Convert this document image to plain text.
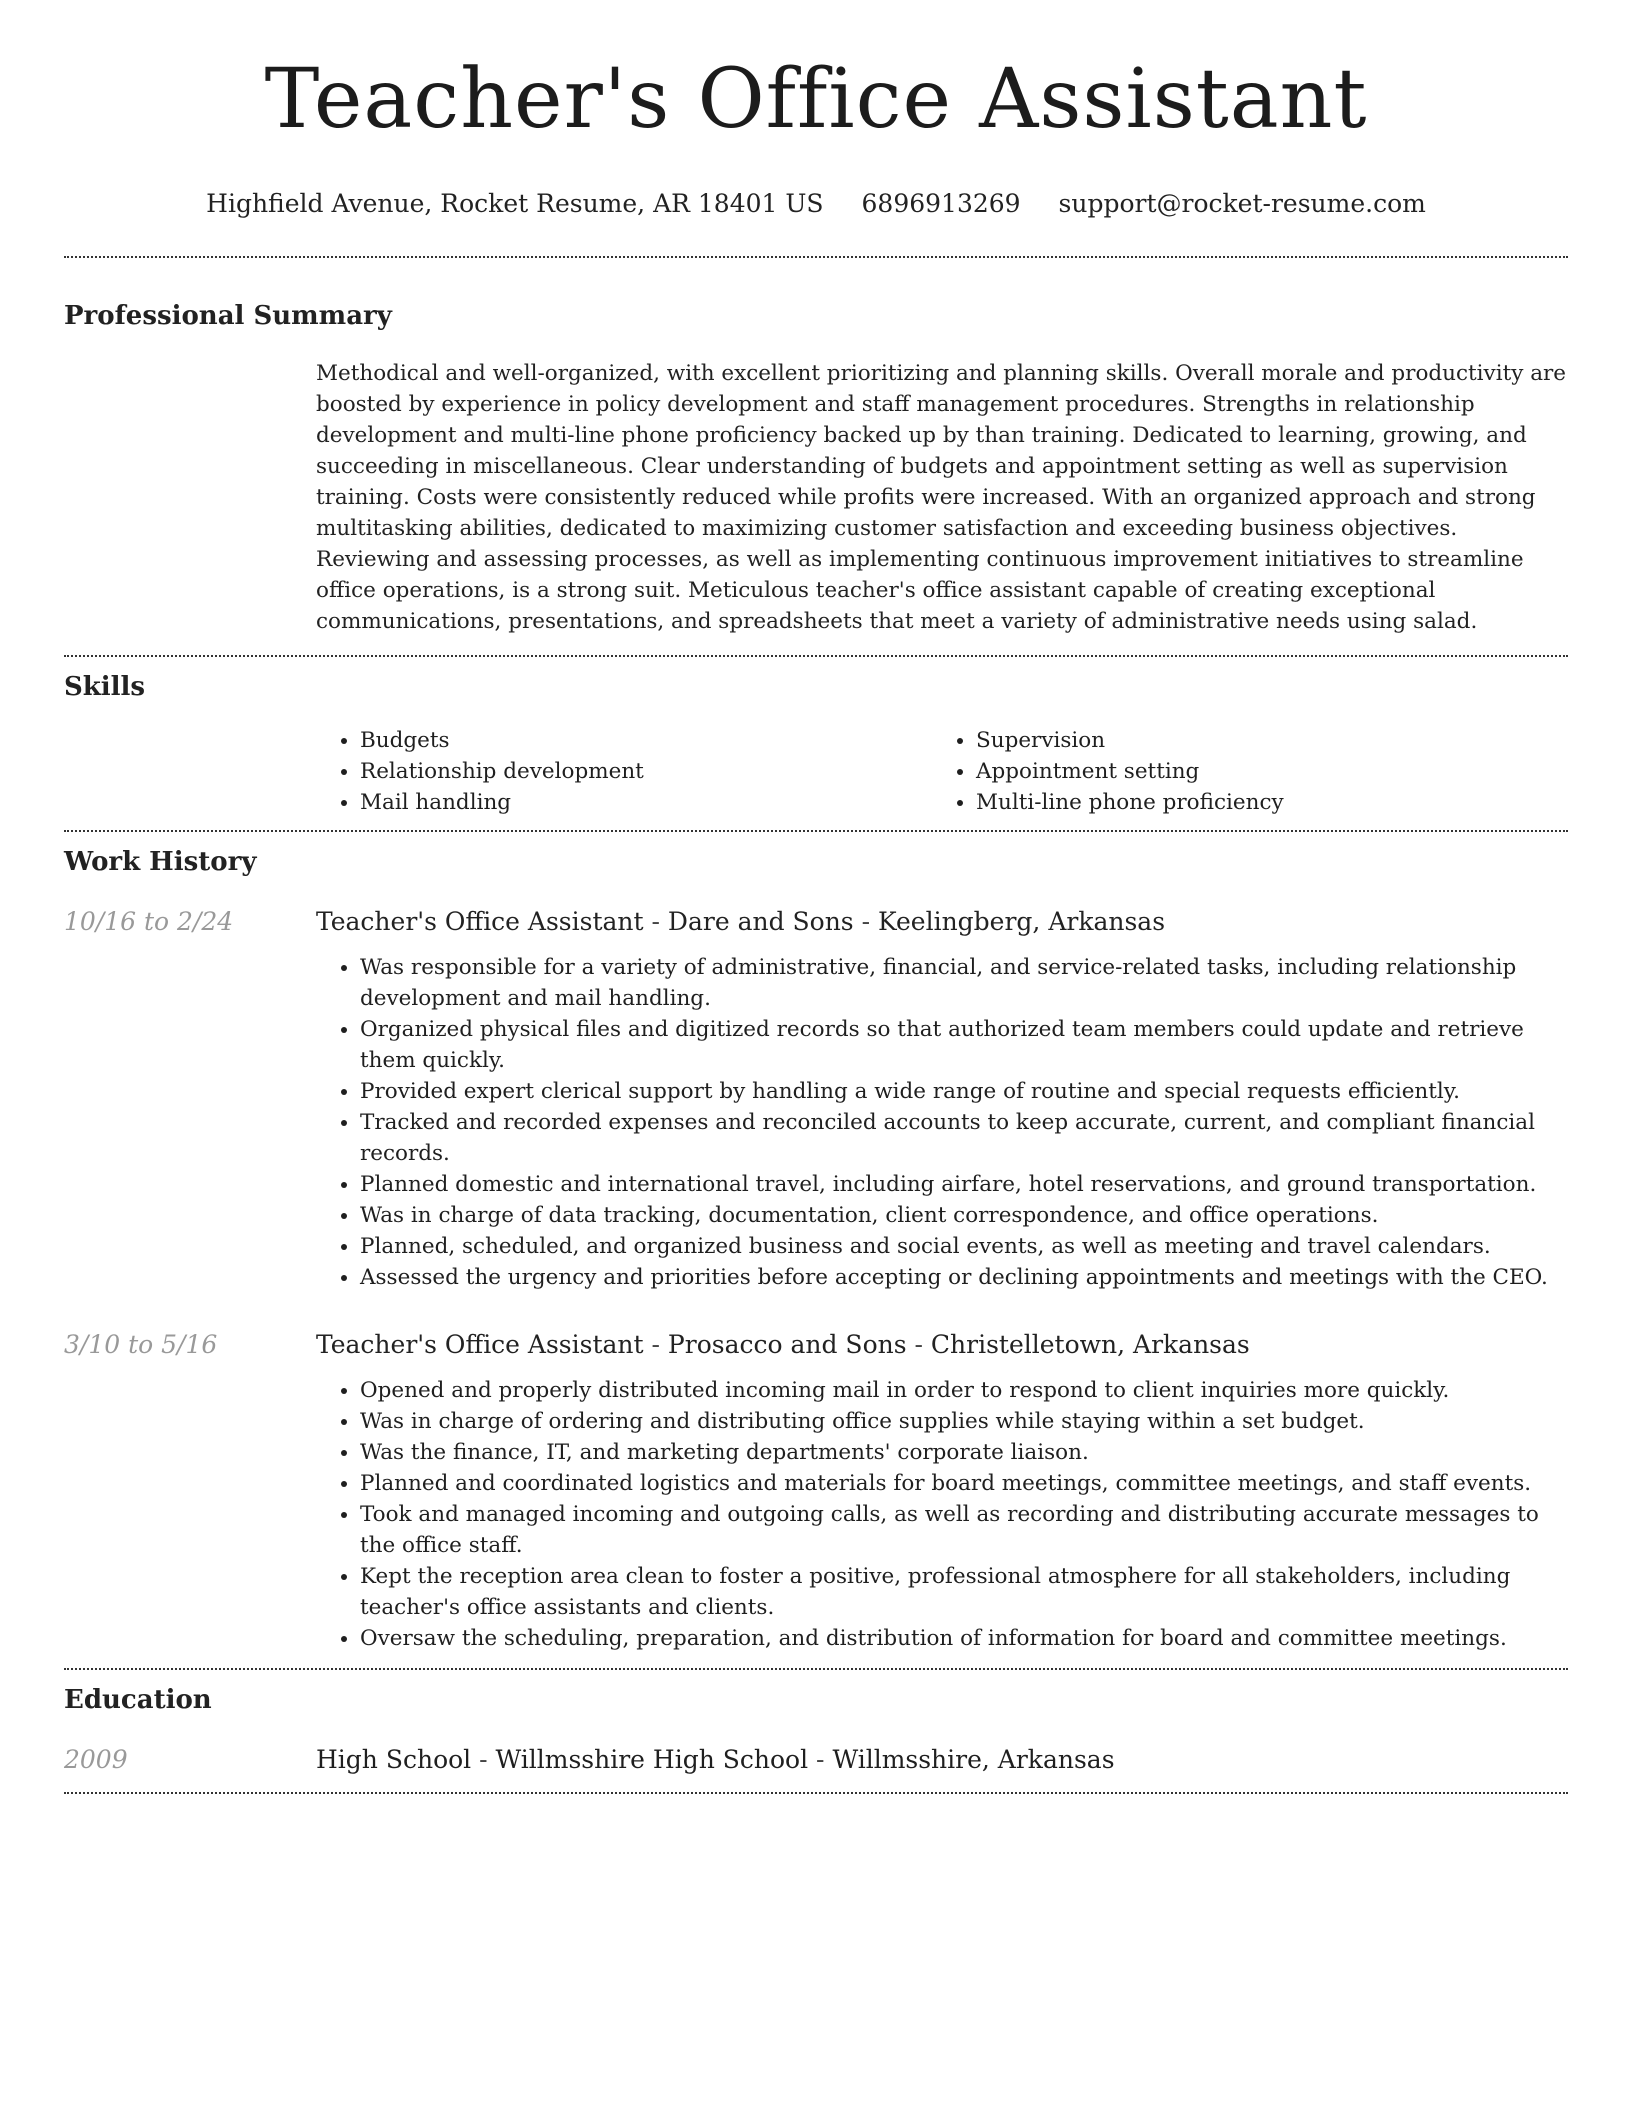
Teacher's Office Assistant
Highfield Avenue, Rocket Resume, AR 18401 US 6896913269 support@rocket-resume.com
Professional Summary
Methodical and well-organized, with excellent prioritizing and planning skills. Overall morale and productivity are boosted by experience in policy development and staff management procedures. Strengths in relationship development and multi-line phone proficiency backed up by than training. Dedicated to learning, growing, and succeeding in miscellaneous. Clear understanding of budgets and appointment setting as well as supervision training. Costs were consistently reduced while profits were increased. With an organized approach and strong multitasking abilities, dedicated to maximizing customer satisfaction and exceeding business objectives. Reviewing and assessing processes, as well as implementing continuous improvement initiatives to streamline office operations, is a strong suit. Meticulous teacher's office assistant capable of creating exceptional communications, presentations, and spreadsheets that meet a variety of administrative needs using salad.
Skills
• Budgets
• Relationship development
• Mail handling
• Supervision
• Appointment setting
• Multi-line phone proficiency
Work History
10/16 to 2/24	Teacher's Office Assistant - Dare and Sons - Keelingberg, Arkansas
• Was responsible for a variety of administrative, financial, and service-related tasks, including relationship development and mail handling.
• Organized physical files and digitized records so that authorized team members could update and retrieve them quickly.
• Provided expert clerical support by handling a wide range of routine and special requests efficiently.
• Tracked and recorded expenses and reconciled accounts to keep accurate, current, and compliant financial records.
• Planned domestic and international travel, including airfare, hotel reservations, and ground transportation.
• Was in charge of data tracking, documentation, client correspondence, and office operations.
• Planned, scheduled, and organized business and social events, as well as meeting and travel calendars.
• Assessed the urgency and priorities before accepting or declining appointments and meetings with the CEO.
3/10 to 5/16	Teacher's Office Assistant - Prosacco and Sons - Christelletown, Arkansas
• Opened and properly distributed incoming mail in order to respond to client inquiries more quickly.
• Was in charge of ordering and distributing office supplies while staying within a set budget.
• Was the finance, IT, and marketing departments' corporate liaison.
• Planned and coordinated logistics and materials for board meetings, committee meetings, and staff events.
• Took and managed incoming and outgoing calls, as well as recording and distributing accurate messages to the office staff.
• Kept the reception area clean to foster a positive, professional atmosphere for all stakeholders, including teacher's office assistants and clients.
• Oversaw the scheduling, preparation, and distribution of information for board and committee meetings.
Education
2009	High School - Willmsshire High School - Willmsshire, Arkansas
